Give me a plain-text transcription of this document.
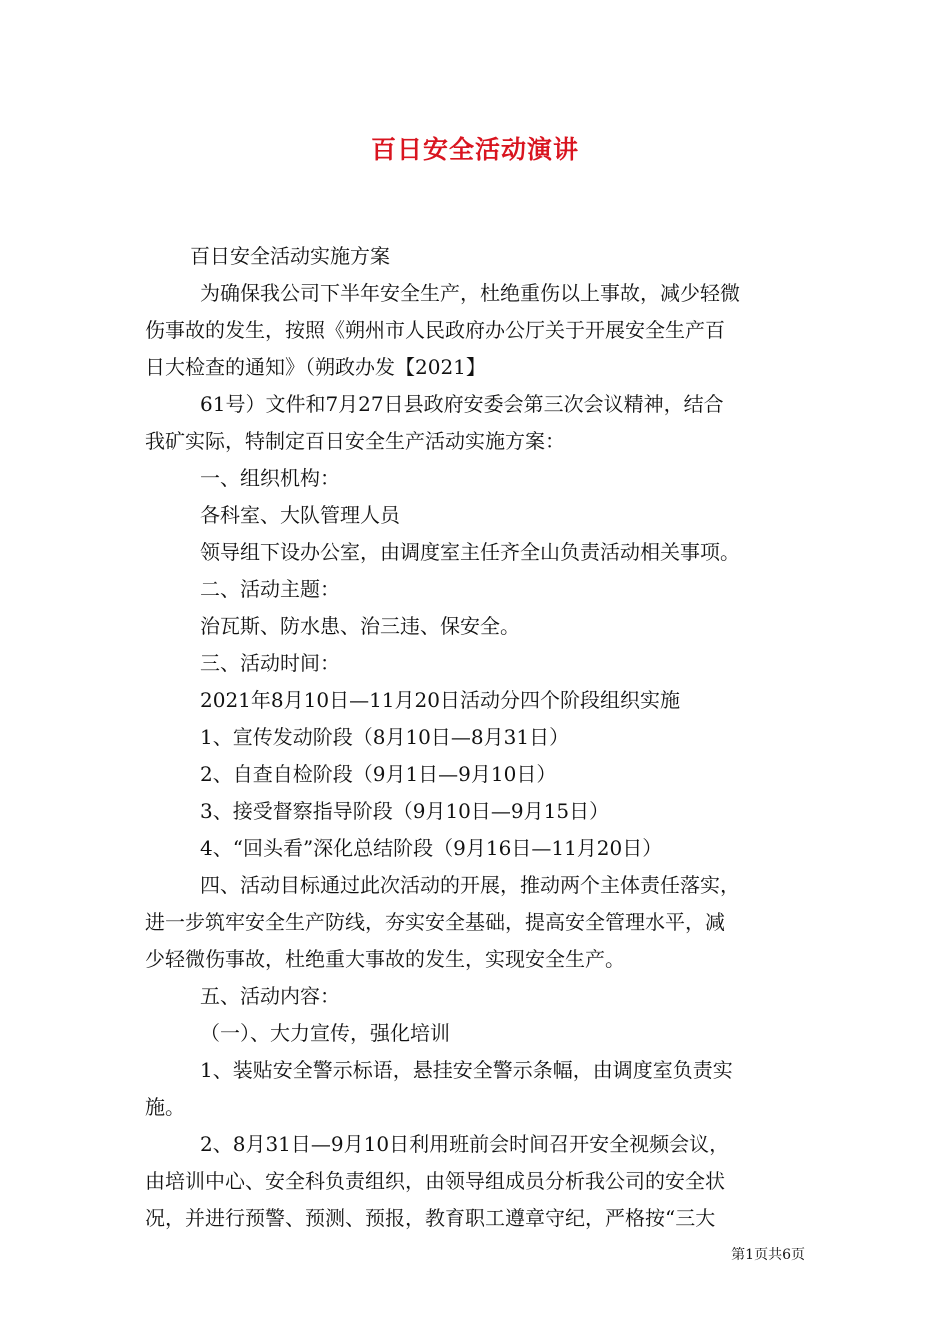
百日安全活动演讲
百日安全活动实施方案
为确保我公司下半年安全生产，杜绝重伤以上事故，减少轻微
伤事故的发生，按照《朔州市人民政府办公厅关于开展安全生产百
日大检查的通知》（朔政办发【2021】
61号）文件和7月27日县政府安委会第三次会议精神，结合
我矿实际，特制定百日安全生产活动实施方案：
一、组织机构：
各科室、大队管理人员
领导组下设办公室，由调度室主任齐全山负责活动相关事项。
二、活动主题：
治瓦斯、防水患、治三违、保安全。
三、活动时间：
2021年8月10日—11月20日活动分四个阶段组织实施
1、宣传发动阶段（8月10日—8月31日）
2、自查自检阶段（9月1日—9月10日）
3、接受督察指导阶段（9月10日—9月15日）
4、“回头看”深化总结阶段（9月16日—11月20日）
四、活动目标通过此次活动的开展，推动两个主体责任落实，
进一步筑牢安全生产防线，夯实安全基础，提高安全管理水平，减
少轻微伤事故，杜绝重大事故的发生，实现安全生产。
五、活动内容：
（一）、大力宣传，强化培训
1、装贴安全警示标语，悬挂安全警示条幅，由调度室负责实
施。
2、8月31日—9月10日利用班前会时间召开安全视频会议，
由培训中心、安全科负责组织，由领导组成员分析我公司的安全状
况，并进行预警、预测、预报，教育职工遵章守纪，严格按“三大
第1页共6页
